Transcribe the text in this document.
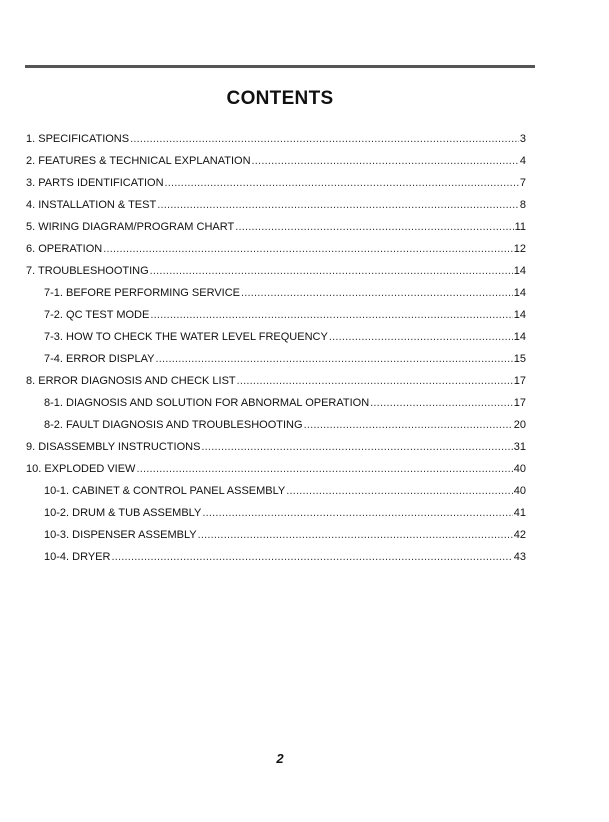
CONTENTS
1. SPECIFICATIONS .....	3
2. FEATURES & TECHNICAL EXPLANATION .....	4
3. PARTS IDENTIFICATION .....	7
4. INSTALLATION & TEST .....	8
5. WIRING DIAGRAM/PROGRAM CHART .....	11
6. OPERATION .....	12
7. TROUBLESHOOTING .....	14
7-1. BEFORE PERFORMING SERVICE .....	14
7-2. QC TEST MODE .....	14
7-3. HOW TO CHECK THE WATER LEVEL FREQUENCY .....	14
7-4. ERROR DISPLAY .....	15
8. ERROR DIAGNOSIS AND CHECK LIST .....	17
8-1. DIAGNOSIS AND SOLUTION FOR ABNORMAL OPERATION .....	17
8-2. FAULT DIAGNOSIS AND TROUBLESHOOTING .....	20
9. DISASSEMBLY INSTRUCTIONS .....	31
10. EXPLODED VIEW .....	40
10-1. CABINET & CONTROL PANEL ASSEMBLY .....	40
10-2. DRUM & TUB ASSEMBLY .....	41
10-3. DISPENSER ASSEMBLY .....	42
10-4. DRYER .....	43
2
